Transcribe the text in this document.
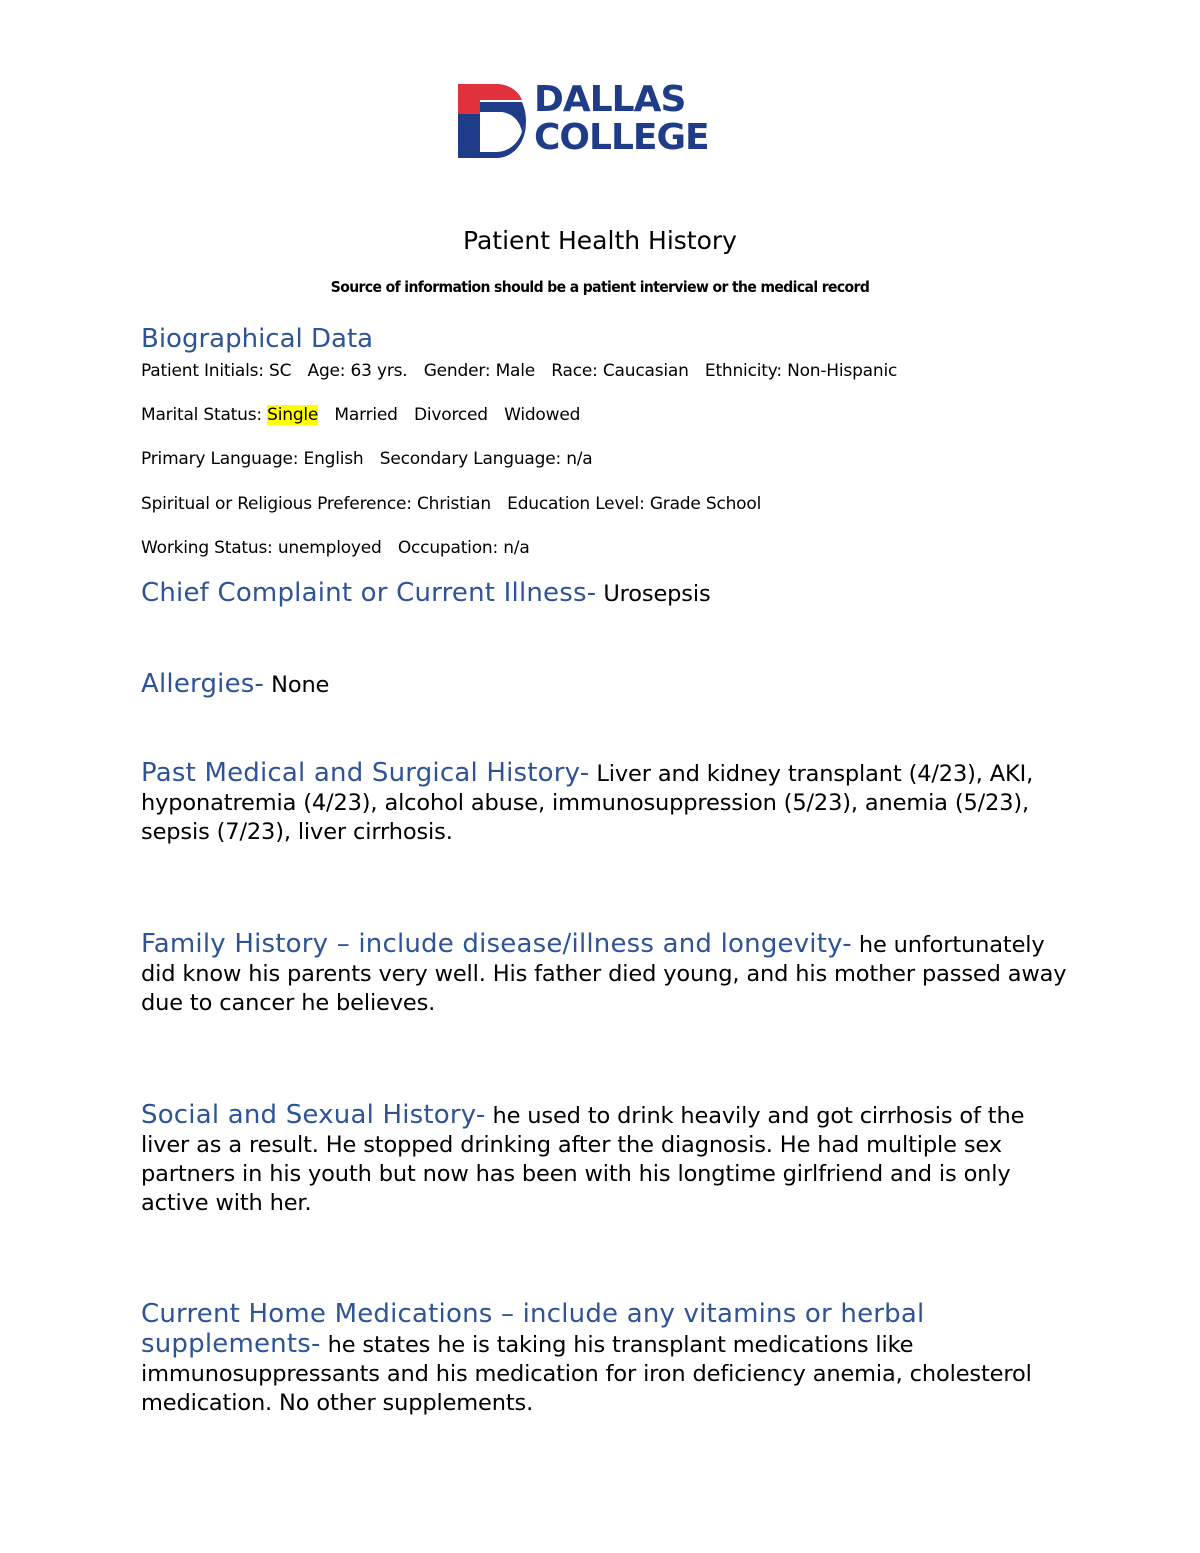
DALLAS
COLLEGE
Patient Health History
Source of information should be a patient interview or the medical record
Biographical Data
Patient Initials: SC Age: 63 yrs. Gender: Male Race: Caucasian Ethnicity: Non-Hispanic
Marital Status: Single Married Divorced Widowed
Primary Language: English Secondary Language: n/a
Spiritual or Religious Preference: Christian Education Level: Grade School
Working Status: unemployed Occupation: n/a
Chief Complaint or Current Illness- Urosepsis
Allergies- None
Past Medical and Surgical History- Liver and kidney transplant (4/23), AKI, hyponatremia (4/23), alcohol abuse, immunosuppression (5/23), anemia (5/23), sepsis (7/23), liver cirrhosis.
Family History – include disease/illness and longevity- he unfortunately did know his parents very well. His father died young, and his mother passed away due to cancer he believes.
Social and Sexual History- he used to drink heavily and got cirrhosis of the liver as a result. He stopped drinking after the diagnosis. He had multiple sex partners in his youth but now has been with his longtime girlfriend and is only active with her.
Current Home Medications – include any vitamins or herbal supplements- he states he is taking his transplant medications like immunosuppressants and his medication for iron deficiency anemia, cholesterol medication. No other supplements.
